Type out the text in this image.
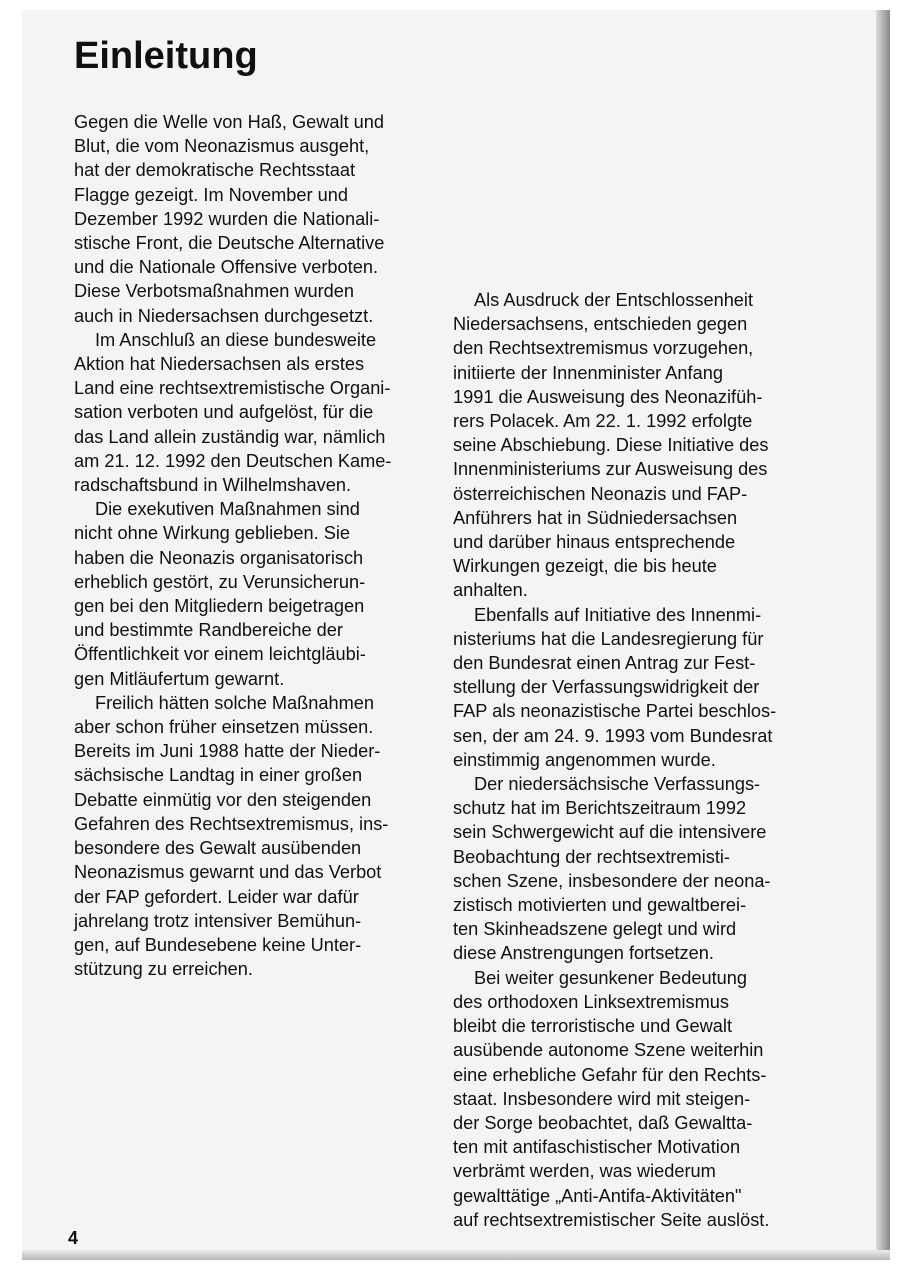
Einleitung
Gegen die Welle von Haß, Gewalt und
Blut, die vom Neonazismus ausgeht,
hat der demokratische Rechtsstaat
Flagge gezeigt. Im November und
Dezember 1992 wurden die Nationali-
stische Front, die Deutsche Alternative
und die Nationale Offensive verboten.
Diese Verbotsmaßnahmen wurden
auch in Niedersachsen durchgesetzt.
Im Anschluß an diese bundesweite
Aktion hat Niedersachsen als erstes
Land eine rechtsextremistische Organi-
sation verboten und aufgelöst, für die
das Land allein zuständig war, nämlich
am 21. 12. 1992 den Deutschen Kame-
radschaftsbund in Wilhelmshaven.
Die exekutiven Maßnahmen sind
nicht ohne Wirkung geblieben. Sie
haben die Neonazis organisatorisch
erheblich gestört, zu Verunsicherun-
gen bei den Mitgliedern beigetragen
und bestimmte Randbereiche der
Öffentlichkeit vor einem leichtgläubi-
gen Mitläufertum gewarnt.
Freilich hätten solche Maßnahmen
aber schon früher einsetzen müssen.
Bereits im Juni 1988 hatte der Nieder-
sächsische Landtag in einer großen
Debatte einmütig vor den steigenden
Gefahren des Rechtsextremismus, ins-
besondere des Gewalt ausübenden
Neonazismus gewarnt und das Verbot
der FAP gefordert. Leider war dafür
jahrelang trotz intensiver Bemühun-
gen, auf Bundesebene keine Unter-
stützung zu erreichen.
Als Ausdruck der Entschlossenheit
Niedersachsens, entschieden gegen
den Rechtsextremismus vorzugehen,
initiierte der Innenminister Anfang
1991 die Ausweisung des Neonazifüh-
rers Polacek. Am 22. 1. 1992 erfolgte
seine Abschiebung. Diese Initiative des
Innenministeriums zur Ausweisung des
österreichischen Neonazis und FAP-
Anführers hat in Südniedersachsen
und darüber hinaus entsprechende
Wirkungen gezeigt, die bis heute
anhalten.
Ebenfalls auf Initiative des Innenmi-
nisteriums hat die Landesregierung für
den Bundesrat einen Antrag zur Fest-
stellung der Verfassungswidrigkeit der
FAP als neonazistische Partei beschlos-
sen, der am 24. 9. 1993 vom Bundesrat
einstimmig angenommen wurde.
Der niedersächsische Verfassungs-
schutz hat im Berichtszeitraum 1992
sein Schwergewicht auf die intensivere
Beobachtung der rechtsextremisti-
schen Szene, insbesondere der neona-
zistisch motivierten und gewaltberei-
ten Skinheadszene gelegt und wird
diese Anstrengungen fortsetzen.
Bei weiter gesunkener Bedeutung
des orthodoxen Linksextremismus
bleibt die terroristische und Gewalt
ausübende autonome Szene weiterhin
eine erhebliche Gefahr für den Rechts-
staat. Insbesondere wird mit steigen-
der Sorge beobachtet, daß Gewaltta-
ten mit antifaschistischer Motivation
verbrämt werden, was wiederum
gewalttätige „Anti-Antifa-Aktivitäten"
auf rechtsextremistischer Seite auslöst.
4
